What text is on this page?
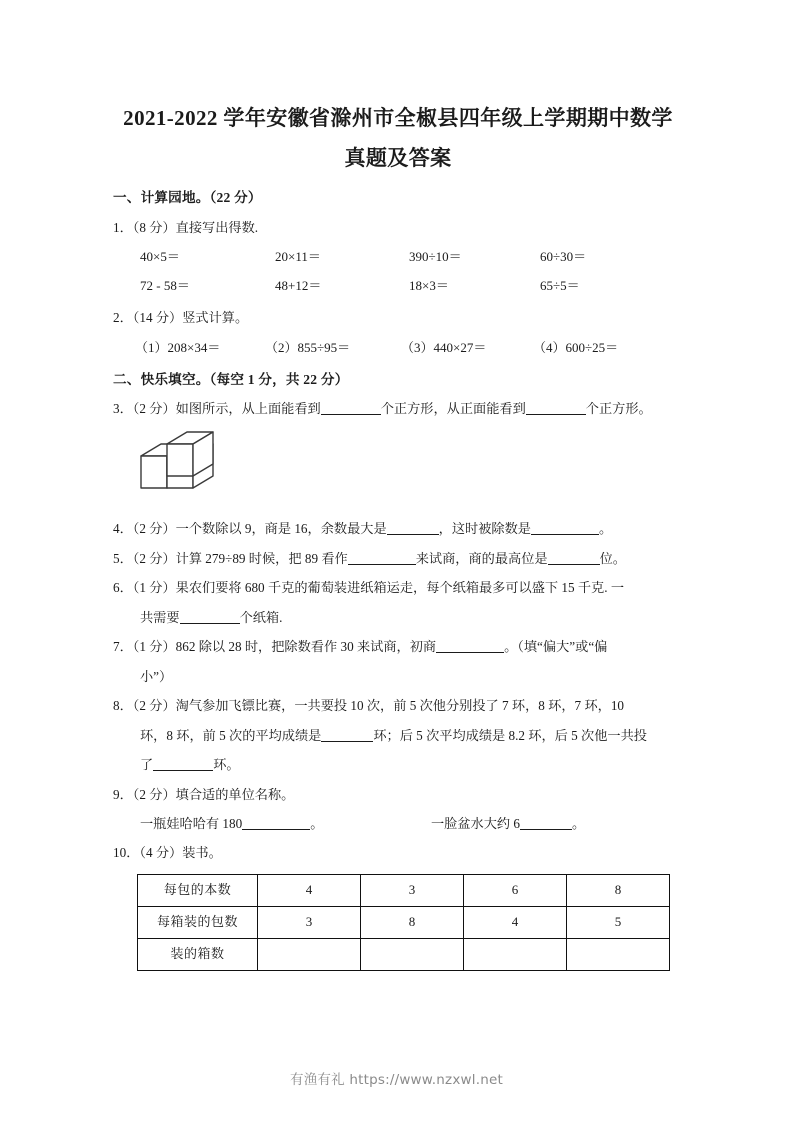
2021-2022 学年安徽省滁州市全椒县四年级上学期期中数学
真题及答案
一、计算园地。（22 分）
1．（8 分）直接写出得数.
40×5＝	20×11＝	390÷10＝	60÷30＝
72 - 58＝	48+12＝	18×3＝	65÷5＝
2．（14 分）竖式计算。
（1）208×34＝	（2）855÷95＝	（3）440×27＝	（4）600÷25＝
二、快乐填空。（每空 1 分，共 22 分）
3．（2 分）如图所示，从上面能看到	个正方形，从正面能看到	个正方形。
4．（2 分）一个数除以 9，商是 16，余数最大是	，这时被除数是	。
5．（2 分）计算 279÷89 时候，把 89 看作	来试商，商的最高位是	位。
6．（1 分）果农们要将 680 千克的葡萄装进纸箱运走，每个纸箱最多可以盛下 15 千克. 一
共需要	个纸箱.
7．（1 分）862 除以 28 时，把除数看作 30 来试商，初商	。（填“偏大”或“偏
小”）
8．（2 分）淘气参加飞镖比赛，一共要投 10 次，前 5 次他分别投了 7 环，8 环，7 环，10
环，8 环，前 5 次的平均成绩是	环；后 5 次平均成绩是 8.2 环，后 5 次他一共投
了	环。
9．（2 分）填合适的单位名称。
一瓶娃哈哈有 180	。	一脸盆水大约 6	。
10．（4 分）装书。
每包的本数	4	3	6	8
每箱装的包数	3	8	4	5
装的箱数				
有渔有礼 https://www.nzxwl.net
